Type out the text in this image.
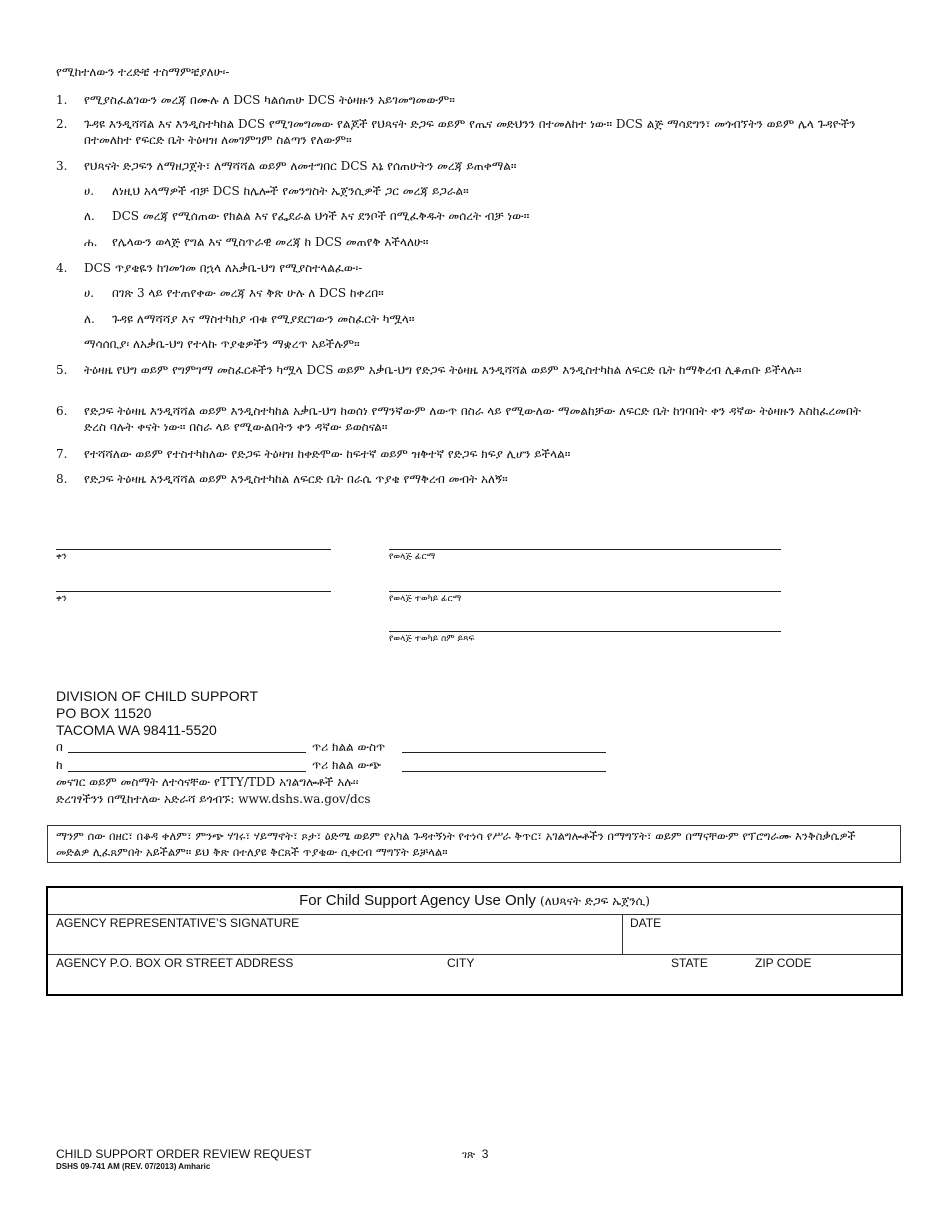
የሚከተለውን ተረድቼ ተስማምቼያለሁ፡-
1.	የሚያስፈልገውን መረጃ በሙሉ ለ DCS ካልሰጠሁ DCS ትዕዛዙን አይገመግመውም።
2.	ጉዳዩ እንዲሻሻል እና እንዲስተካከል DCS የሚገመግመው የልጆች የህጻናት ድጋፍ ወይም የጤና መድህንን በተመለከተ ነው። DCS ልጅ ማሳደግን፣ መጎብኘትን ወይም ሌላ ጉዳዮችን በተመለከተ የፍርድ ቤት ትዕዛዝ ለመገምገም ስልጣን የለውም።
3.	የህጻናት ድጋፍን ለማዘጋጀት፣ ለማሻሻል ወይም ለመተግበር DCS እኔ የሰጠሁትን መረጃ ይጠቀማል።
ሀ.	ለነዚህ አላማዎች ብቻ DCS ከሌሎች የመንግስት ኤጀንሲዎች ጋር መረጃ ይጋራል።
ለ.	DCS መረጃ የሚሰጠው የክልል እና የፌደራል ህጎች እና ደንቦች በሚፈቅዱት መሰረት ብቻ ነው።
ሐ.	የሌላውን ወላጅ የግል እና ሚስጥራዊ መረጃ ከ DCS መጠየቅ እችላለሁ።
4.	DCS ጥያቄዬን ከገመገመ በኋላ ለአቃቤ-ህግ የሚያስተላልፈው፡-
ሀ.	በገጽ 3 ላይ የተጠየቀው መረጃ እና ቅጽ ሁሉ ለ DCS ከቀረበ።
ለ.	ጉዳዩ ለማሻሻያ እና ማስተካከያ ብቁ የሚያደርገውን መስፈርት ካሟላ።
ማሳሰቢያ፡ ለአቃቤ-ህግ የተላኩ ጥያቄዎችን ማቋረጥ አይችሉም።
5.	ትዕዛዜ የህግ ወይም የግምገማ መስፈርቶችን ካሟላ DCS ወይም አቃቤ-ህግ የድጋፍ ትዕዛዜ እንዲሻሻል ወይም እንዲስተካከል ለፍርድ ቤት ከማቅረብ ሊቆጠቡ ይችላሉ።
6.	የድጋፍ ትዕዛዜ እንዲሻሻል ወይም እንዲስተካከል አቃቤ-ህግ ከወሰነ የማንኛውም ለውጥ በስራ ላይ የሚውለው ማመልከቻው ለፍርድ ቤት ከገባበት ቀን ዳኛው ትዕዛዙን እስከፈረመበት ድረስ ባሉት ቀናት ነው። በስራ ላይ የሚውልበትን ቀን ዳኛው ይወስናል።
7.	የተሻሻለው ወይም የተስተካከለው የድጋፍ ትዕዛዝ ከቀድሞው ከፍተኛ ወይም ዝቅተኛ የድጋፍ ክፍያ ሊሆን ይችላል።
8.	የድጋፍ ትዕዛዜ እንዲሻሻል ወይም እንዲስተካከል ለፍርድ ቤት በራሴ ጥያቄ የማቅረብ መብት አለኝ።
ቀን	የወላጅ ፊርማ
ቀን	የወላጅ ተወካይ ፊርማ
የወላጅ ተወካይ ስም ይጻፍ
DIVISION OF CHILD SUPPORT
PO BOX 11520
TACOMA WA 98411-5520
በ	ጥሪ ክልል ውስጥ
ከ	ጥሪ ክልል ውጭ
መናገር ወይም መስማት ለተሳናቸው የTTY/TDD አገልግሎቶች አሉ፡፡
ድረገፃችንን በሚከተለው አድራሻ ይጎብኙ: www.dshs.wa.gov/dcs
ማንም ሰው በዘር፣ በቆዳ ቀለም፣ ምንጭ ሃገሩ፣ ሃይማኖት፣ ጾታ፣ ዕድሜ ወይም የአካል ጉዳተኝነት የተነሳ የሥራ ቅጥር፣ አገልግሎቶችን በማግኘት፣ ወይም በማናቸውም የፕሮግራሙ እንቅስቃሴዎች መድልዎ ሊፈጸምበት አይችልም። ይህ ቅጽ በተለያዩ ቅርጸች ጥያቄው ሲቀርብ ማግኘት ይቻላል።
For Child Support Agency Use Only (ለህጻናት ድጋፍ ኤጀንሲ)
AGENCY REPRESENTATIVE’S SIGNATURE	DATE
AGENCY P.O. BOX OR STREET ADDRESS	CITY	STATE	ZIP CODE
CHILD SUPPORT ORDER REVIEW REQUEST
DSHS 09-741 AM (REV. 07/2013) Amharic
ገጽ 3
